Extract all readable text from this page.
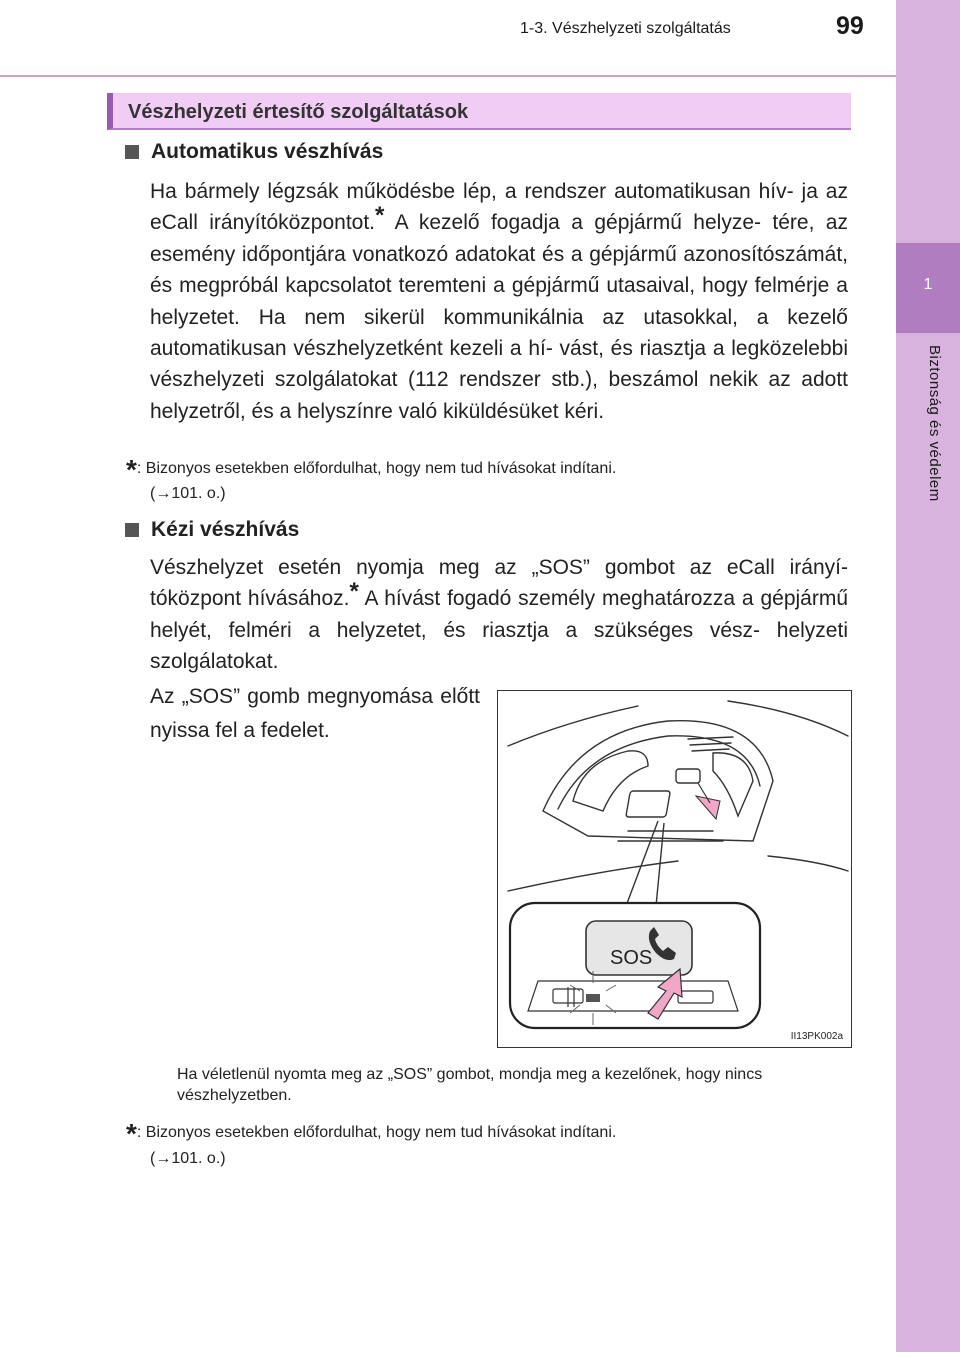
1-3. Vészhelyzeti szolgáltatás	99
1
Biztonság és védelem
Vészhelyzeti értesítő szolgáltatások
Automatikus vészhívás
Ha bármely légzsák működésbe lép, a rendszer automatikusan hív- ja az eCall irányítóközpontot.* A kezelő fogadja a gépjármű helyze- tére, az esemény időpontjára vonatkozó adatokat és a gépjármű azonosítószámát, és megpróbál kapcsolatot teremteni a gépjármű utasaival, hogy felmérje a helyzetet. Ha nem sikerül kommunikálnia az utasokkal, a kezelő automatikusan vészhelyzetként kezeli a hí- vást, és riasztja a legközelebbi vészhelyzeti szolgálatokat (112 rendszer stb.), beszámol nekik az adott helyzetről, és a helyszínre való kiküldésüket kéri.
*: Bizonyos esetekben előfordulhat, hogy nem tud hívásokat indítani.
(→101. o.)
Kézi vészhívás
Vészhelyzet esetén nyomja meg az „SOS” gombot az eCall irányí- tóközpont hívásához.* A hívást fogadó személy meghatározza a gépjármű helyét, felméri a helyzetet, és riasztja a szükséges vész- helyzeti szolgálatokat.
Az „SOS” gomb megnyomása előtt nyissa fel a fedelet.
SOS
II13PK002a
Ha véletlenül nyomta meg az „SOS” gombot, mondja meg a kezelőnek, hogy nincs vészhelyzetben.
*: Bizonyos esetekben előfordulhat, hogy nem tud hívásokat indítani.
(→101. o.)
